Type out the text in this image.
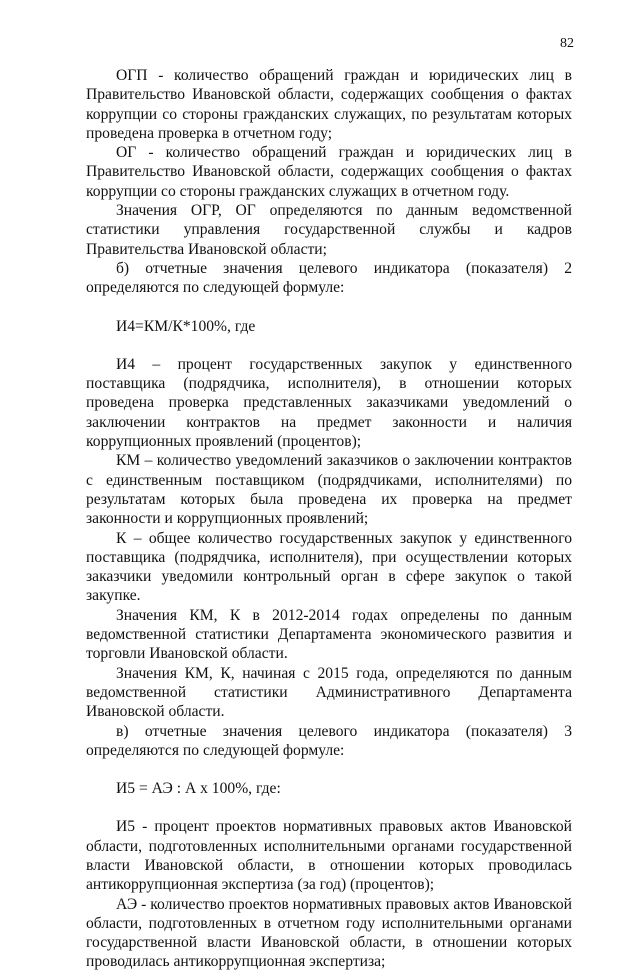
82

ОГП - количество обращений граждан и юридических лиц в Правительство Ивановской области, содержащих сообщения о фактах коррупции со стороны гражданских служащих, по результатам которых проведена проверка в отчетном году;

ОГ - количество обращений граждан и юридических лиц в Правительство Ивановской области, содержащих сообщения о фактах коррупции со стороны гражданских служащих в отчетном году.

Значения ОГР, ОГ определяются по данным ведомственной статистики управления государственной службы и кадров Правительства Ивановской области;

б) отчетные значения целевого индикатора (показателя) 2 определяются по следующей формуле:

И4=КМ/К*100%, где

И4 – процент государственных закупок у единственного поставщика (подрядчика, исполнителя), в отношении которых проведена проверка представленных заказчиками уведомлений о заключении контрактов на предмет законности и наличия коррупционных проявлений (процентов);

КМ – количество уведомлений заказчиков о заключении контрактов с единственным поставщиком (подрядчиками, исполнителями) по результатам которых была проведена их проверка на предмет законности и коррупционных проявлений;

К – общее количество государственных закупок у единственного поставщика (подрядчика, исполнителя), при осуществлении которых заказчики уведомили контрольный орган в сфере закупок о такой закупке.

Значения КМ, К в 2012-2014 годах определены по данным ведомственной статистики Департамента экономического развития и торговли Ивановской области.

Значения КМ, К, начиная с 2015 года, определяются по данным ведомственной статистики Административного Департамента Ивановской области.

в) отчетные значения целевого индикатора (показателя) 3 определяются по следующей формуле:

И5 = АЭ : А х 100%, где:

И5 - процент проектов нормативных правовых актов Ивановской области, подготовленных исполнительными органами государственной власти Ивановской области, в отношении которых проводилась антикоррупционная экспертиза (за год) (процентов);

АЭ - количество проектов нормативных правовых актов Ивановской области, подготовленных в отчетном году исполнительными органами государственной власти Ивановской области, в отношении которых проводилась антикоррупционная экспертиза;
